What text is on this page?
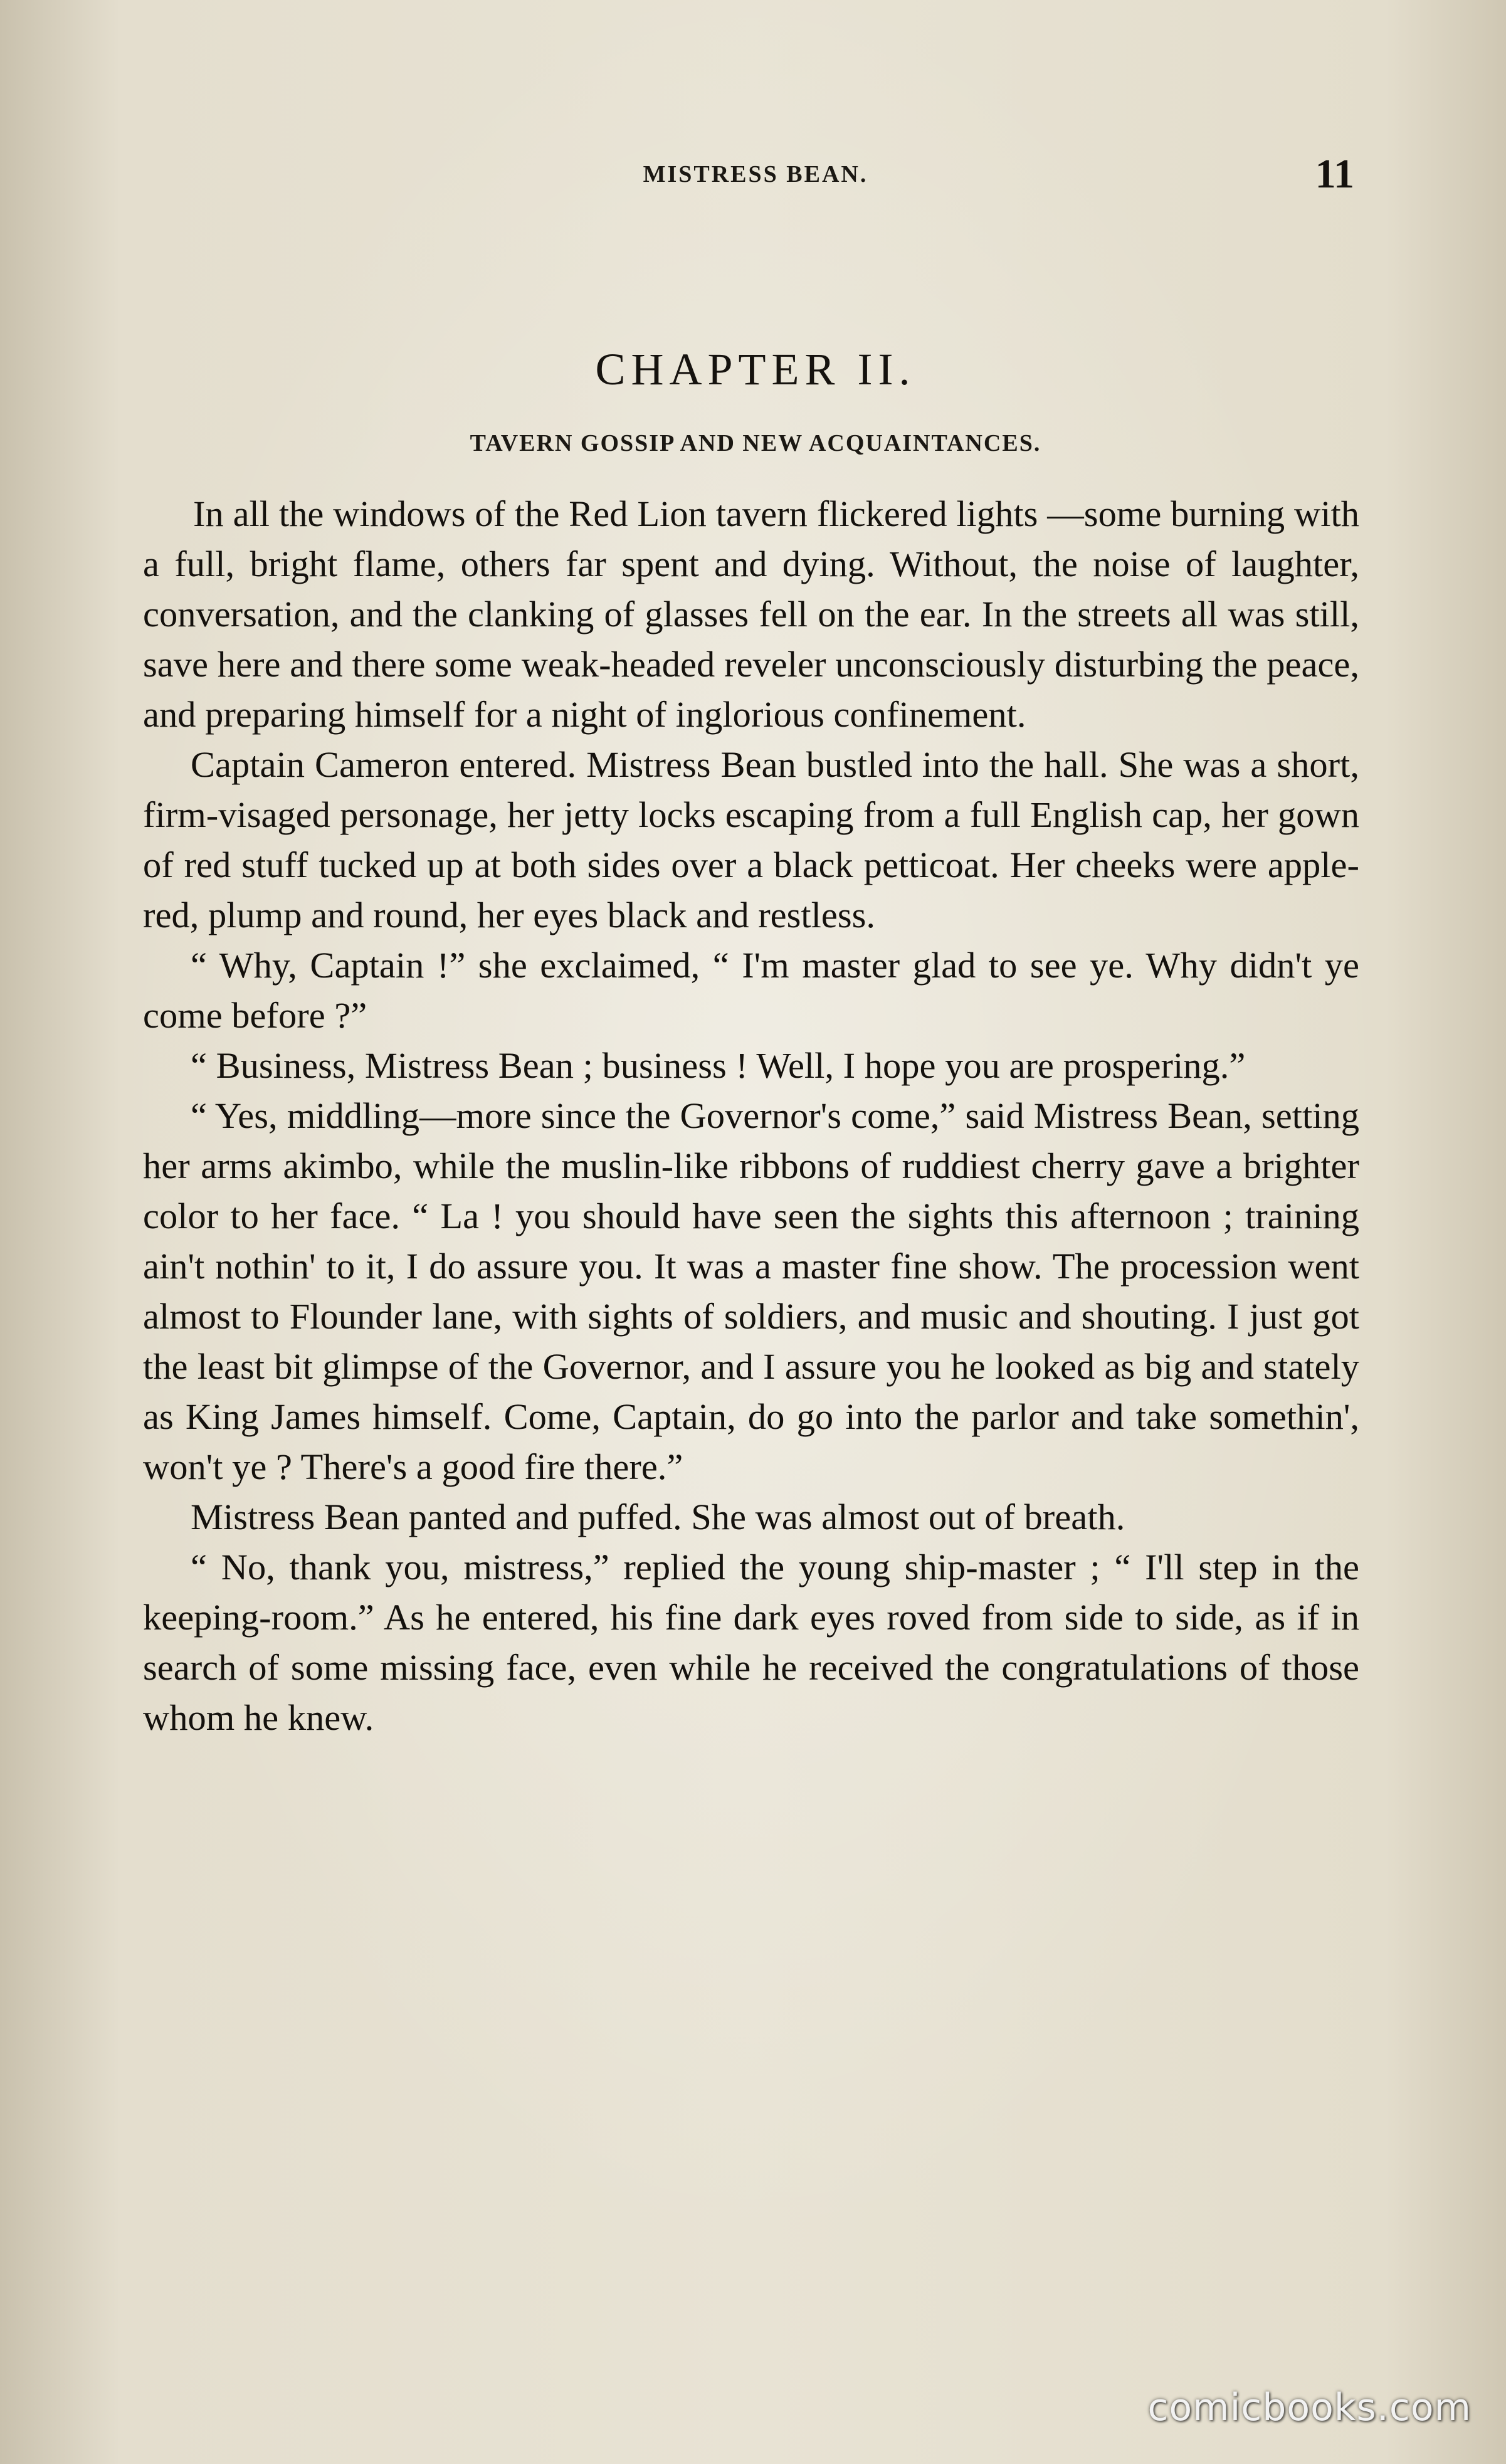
MISTRESS BEAN.	11
CHAPTER II.
TAVERN GOSSIP AND NEW ACQUAINTANCES.

In all the windows of the Red Lion tavern flickered lights —some burning with a full, bright flame, others far spent and dying. Without, the noise of laughter, conversation, and the clanking of glasses fell on the ear. In the streets all was still, save here and there some weak-headed reveler unconsciously disturbing the peace, and preparing himself for a night of inglorious confinement.

Captain Cameron entered. Mistress Bean bustled into the hall. She was a short, firm-visaged personage, her jetty locks escaping from a full English cap, her gown of red stuff tucked up at both sides over a black petticoat. Her cheeks were apple-red, plump and round, her eyes black and restless.

“ Why, Captain !” she exclaimed, “ I'm master glad to see ye. Why didn't ye come before ?”

“ Business, Mistress Bean ; business ! Well, I hope you are prospering.”

“ Yes, middling—more since the Governor's come,” said Mistress Bean, setting her arms akimbo, while the muslin-like ribbons of ruddiest cherry gave a brighter color to her face. “ La ! you should have seen the sights this afternoon ; training ain't nothin' to it, I do assure you. It was a master fine show. The procession went almost to Flounder lane, with sights of soldiers, and music and shouting. I just got the least bit glimpse of the Governor, and I assure you he looked as big and stately as King James himself. Come, Captain, do go into the parlor and take somethin', won't ye ? There's a good fire there.”

Mistress Bean panted and puffed. She was almost out of breath.

“ No, thank you, mistress,” replied the young ship-master ; “ I'll step in the keeping-room.” As he entered, his fine dark eyes roved from side to side, as if in search of some missing face, even while he received the congratulations of those whom he knew.

comicbooks.com
